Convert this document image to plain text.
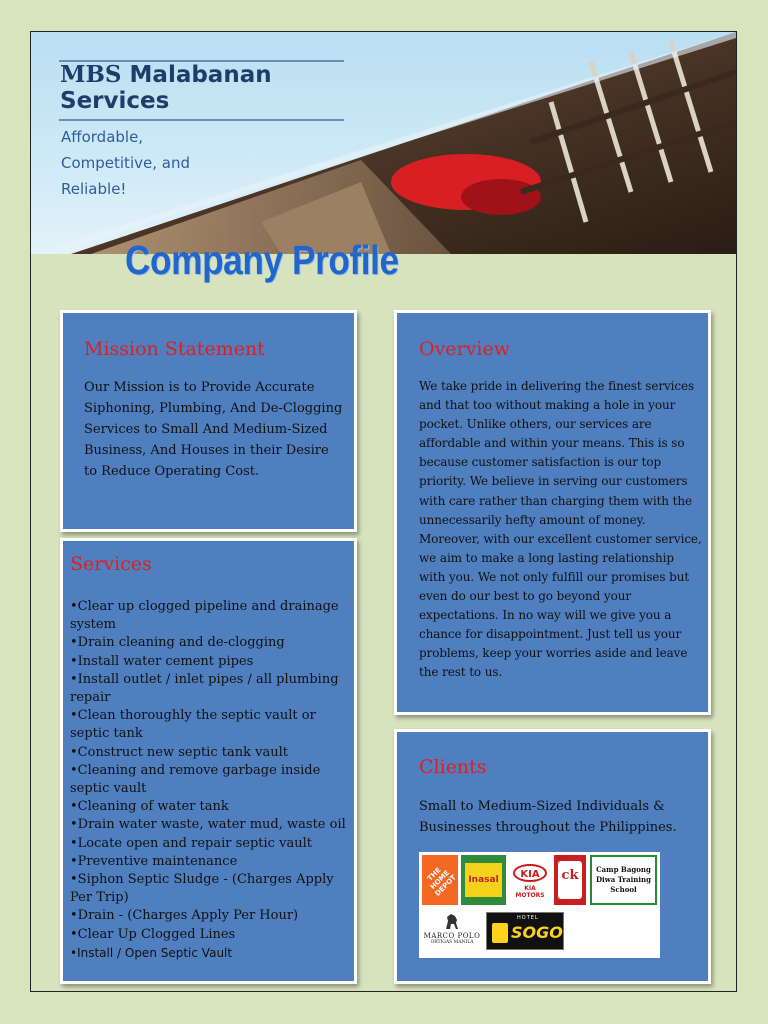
MBS Malabanan
Services

Affordable,
Competitive, and
Reliable!

Company Profile
Mission Statement

Our Mission is to Provide Accurate Siphoning, Plumbing, And De-Clogging Services to Small And Medium-Sized Business, And Houses in their Desire to Reduce Operating Cost.

Services
•Clear up clogged pipeline and drainage system
•Drain cleaning and de-clogging
•Install water cement pipes
•Install outlet / inlet pipes / all plumbing repair
•Clean thoroughly the septic vault or septic tank
•Construct new septic tank vault
•Cleaning and remove garbage inside septic vault
•Cleaning of water tank
•Drain water waste, water mud, waste oil
•Locate open and repair septic vault
•Preventive maintenance
•Siphon Septic Sludge - (Charges Apply Per Trip)
•Drain - (Charges Apply Per Hour)
•Clear Up Clogged Lines
•Install / Open Septic Vault
Overview

We take pride in delivering the finest services and that too without making a hole in your pocket. Unlike others, our services are affordable and within your means. This is so because customer satisfaction is our top priority. We believe in serving our customers with care rather than charging them with the unnecessarily hefty amount of money. Moreover, with our excellent customer service, we aim to make a long lasting relationship with you. We not only fulfill our promises but even do our best to go beyond your expectations. In no way will we give you a chance for disappointment. Just tell us your problems, keep your worries aside and leave the rest to us.

Clients

Small to Medium-Sized Individuals & Businesses throughout the Philippines.

THE HOME DEPOT	Inasal	KIA
KIA MOTORS
ck	Camp Bagong Diwa Training School
MARCO POLO
ORTIGAS MANILA
HOTEL
SOGO
